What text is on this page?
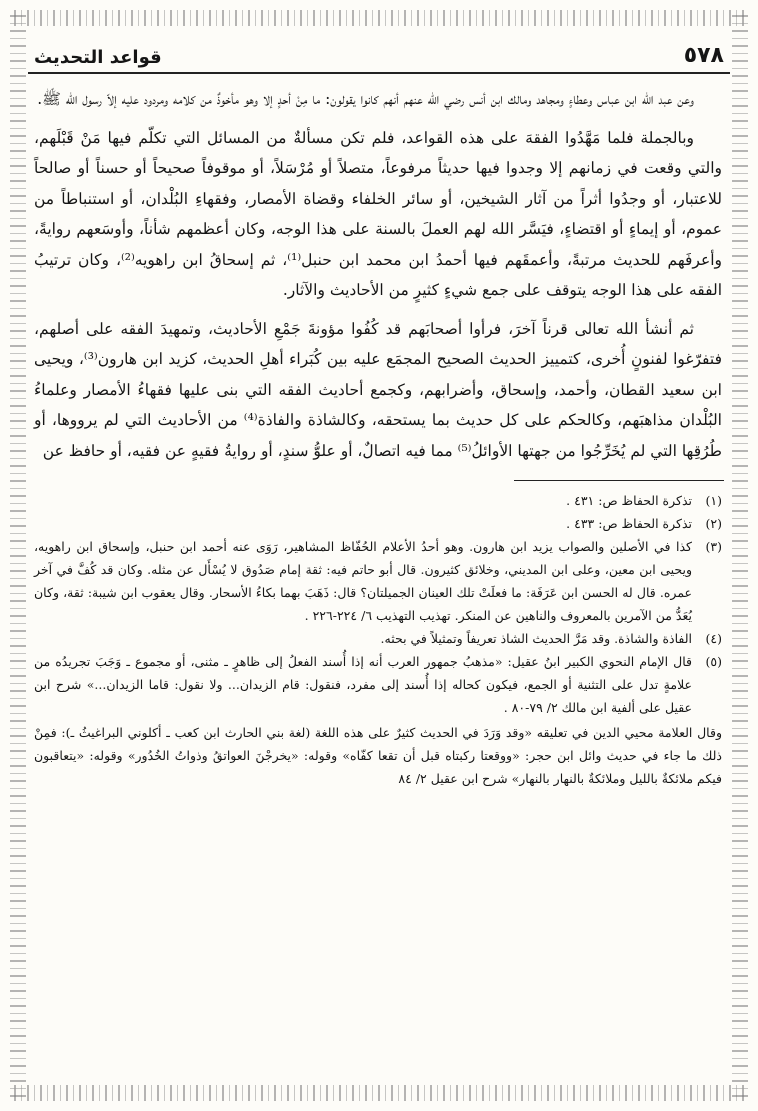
٥٧٨
قواعد التحديث

وعن عبد الله ابن عباس وعطاءٍ ومجاهد ومالك ابن أنس رضي الله عنهم أنهم كانوا يقولون: ما مِنْ أحدٍ إلا وهو مأخوذٌ من كلامه ومردود عليه إلاّ رسول الله ﷺ.

وبالجملة فلما مَهَّدُوا الفقهَ على هذه القواعد، فلم تكن مسألةٌ من المسائل التي تكلّم فيها مَنْ قَبْلَهم، والتي وقعت في زمانهم إلا وجدوا فيها حديثاً مرفوعاً، متصلاً أو مُرْسَلاً، أو موقوفاً صحيحاً أو حسناً أو صالحاً للاعتبار، أو وجدُوا أثراً من آثار الشيخين، أو سائر الخلفاء وقضاة الأمصار، وفقهاءِ البُلْدان، أو استنباطاً من عموم، أو إيماءٍ أو اقتضاءٍ، فيَسَّر الله لهم العملَ بالسنة على هذا الوجه، وكان أعظمهم شأناً، وأوسَعهم روايةً، وأعرفَهم للحديث مرتبةً، وأعمقَهم فيها أحمدُ ابن محمد ابن حنبل⁽¹⁾، ثم إسحاقُ ابن راهويه⁽²⁾، وكان ترتيبُ الفقه على هذا الوجه يتوقف على جمع شيءٍ كثيرٍ من الأحاديث والآثار.

ثم أنشأ الله تعالى قرناً آخرَ، فرأوا أصحابَهم قد كُفُوا مؤونةَ جَمْعِ الأحاديث، وتمهيدَ الفقه على أصلهم، فتفرّغوا لفنونٍ أُخرى، كتمييز الحديث الصحيح المجمَع عليه بين كُبَراء أهلِ الحديث، كزيد ابن هارون⁽³⁾، ويحيى ابن سعيد القطان، وأحمد، وإسحاق، وأضرابهم، وكجمع أحاديث الفقه التي بنى عليها فقهاءُ الأمصار وعلماءُ البُلْدان مذاهبَهم، وكالحكم على كل حديث بما يستحقه، وكالشاذة والفاذة⁽⁴⁾ من الأحاديث التي لم يرووها، أو طُرُقِها التي لم يُخَرِّجُوا من جهتها الأوائلُ⁽⁵⁾ مما فيه اتصالٌ، أو علوُّ سندٍ، أو روايةُ فقيهٍ عن فقيه، أو حافظ عن

(١)
تذكرة الحفاظ ص: ٤٣١ .
(٢)
تذكرة الحفاظ ص: ٤٣٣ .
(٣)
كذا في الأصلين والصواب يزيد ابن هارون. وهو أحدُ الأعلام الحُفّاظ المشاهير، رَوَى عنه أحمد ابن حنبل، وإسحاق ابن راهويه، ويحيى ابن معين، وعلى ابن المديني، وخلائق كثيرون. قال أبو حاتم فيه: ثقة إمام صَدُوق لا يُسْأَل عن مثله. وكان قد كُفَّ في آخر عمره. قال له الحسن ابن عَرَفَة: ما فعلَتْ تلك العينان الجميلتان؟ قال: ذَهَبَ بهما بكاءُ الأسحار. وقال يعقوب ابن شيبة: ثقة، وكان يُعَدُّ من الآمرين بالمعروف والناهين عن المنكر. تهذيب التهذيب ٦/ ٢٢٤-٢٢٦ .
(٤)
الفاذة والشاذة. وقد مَرَّ الحديث الشاذ تعريفاً وتمثيلاً في بحثه.
(٥)
قال الإمام النحوي الكبير ابنُ عقيل: «مذهبُ جمهور العرب أنه إذا أُسند الفعلُ إلى ظاهرٍ ـ مثنى، أو مجموع ـ وَجَبَ تجريدُه من علامةٍ تدل على التثنية أو الجمع، فيكون كحاله إذا أُسند إلى مفرد، فنقول: قام الزيدان... ولا نقول: قاما الزيدان...» شرح ابن عقيل على ألفية ابن مالك ٢/ ٧٩-٨٠ .
وقال العلامة محيي الدين في تعليقه «وقد وَرَدَ في الحديث كثيرٌ على هذه اللغة (لغة بني الحارث ابن كعب ـ أكلوني البراغيثُ ـ): فمِنْ ذلك ما جاء في حديث وائل ابن حجر: «ووقعتا ركبتاه قبل أن تقعا كفّاه» وقوله: «يخرجْنَ العواتقُ وذواتُ الخُدُور» وقوله: «يتعاقبون فيكم ملائكةٌ بالليل وملائكةٌ بالنهار بالنهار» شرح ابن عقيل ٢/ ٨٤
